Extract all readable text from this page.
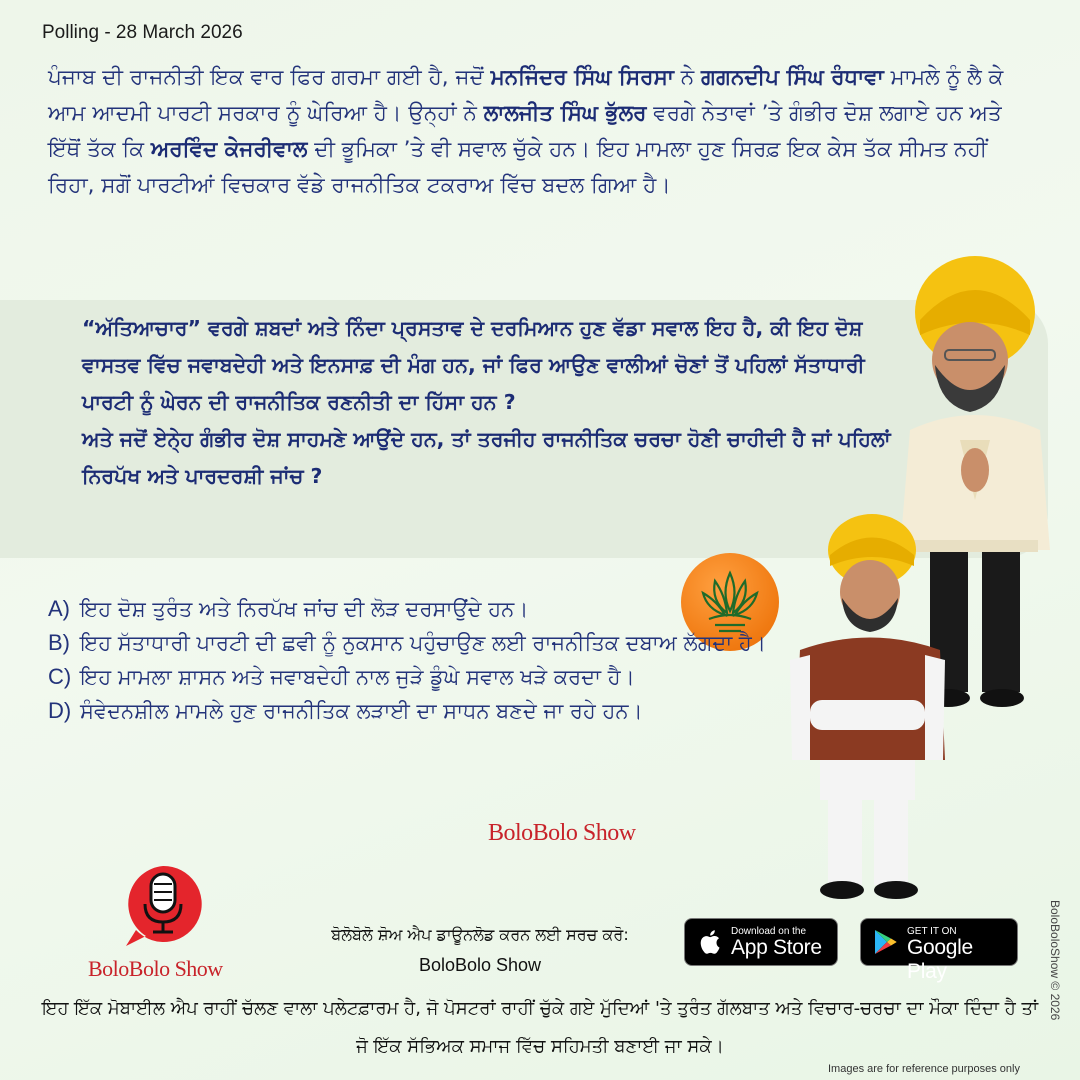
Polling - 28 March 2026
ਪੰਜਾਬ ਦੀ ਰਾਜਨੀਤੀ ਇਕ ਵਾਰ ਫਿਰ ਗਰਮਾ ਗਈ ਹੈ, ਜਦੋਂ ਮਨਜਿੰਦਰ ਸਿੰਘ ਸਿਰਸਾ ਨੇ ਗਗਨਦੀਪ ਸਿੰਘ ਰੰਧਾਵਾ ਮਾਮਲੇ ਨੂੰ ਲੈ ਕੇ ਆਮ ਆਦਮੀ ਪਾਰਟੀ ਸਰਕਾਰ ਨੂੰ ਘੇਰਿਆ ਹੈ। ਉਨ੍ਹਾਂ ਨੇ ਲਾਲਜੀਤ ਸਿੰਘ ਭੁੱਲਰ ਵਰਗੇ ਨੇਤਾਵਾਂ ’ਤੇ ਗੰਭੀਰ ਦੋਸ਼ ਲਗਾਏ ਹਨ ਅਤੇ ਇੱਥੋਂ ਤੱਕ ਕਿ ਅਰਵਿੰਦ ਕੇਜਰੀਵਾਲ ਦੀ ਭੂਮਿਕਾ ’ਤੇ ਵੀ ਸਵਾਲ ਚੁੱਕੇ ਹਨ। ਇਹ ਮਾਮਲਾ ਹੁਣ ਸਿਰਫ਼ ਇਕ ਕੇਸ ਤੱਕ ਸੀਮਤ ਨਹੀਂ ਰਿਹਾ, ਸਗੋਂ ਪਾਰਟੀਆਂ ਵਿਚਕਾਰ ਵੱਡੇ ਰਾਜਨੀਤਿਕ ਟਕਰਾਅ ਵਿੱਚ ਬਦਲ ਗਿਆ ਹੈ।

“ਅੱਤਿਆਚਾਰ” ਵਰਗੇ ਸ਼ਬਦਾਂ ਅਤੇ ਨਿੰਦਾ ਪ੍ਰਸਤਾਵ ਦੇ ਦਰਮਿਆਨ ਹੁਣ ਵੱਡਾ ਸਵਾਲ ਇਹ ਹੈ, ਕੀ ਇਹ ਦੋਸ਼ ਵਾਸਤਵ ਵਿੱਚ ਜਵਾਬਦੇਹੀ ਅਤੇ ਇਨਸਾਫ਼ ਦੀ ਮੰਗ ਹਨ, ਜਾਂ ਫਿਰ ਆਉਣ ਵਾਲੀਆਂ ਚੋਣਾਂ ਤੋਂ ਪਹਿਲਾਂ ਸੱਤਾਧਾਰੀ ਪਾਰਟੀ ਨੂੰ ਘੇਰਨ ਦੀ ਰਾਜਨੀਤਿਕ ਰਣਨੀਤੀ ਦਾ ਹਿੱਸਾ ਹਨ ?

ਅਤੇ ਜਦੋਂ ਏਨੇ੍ਹ ਗੰਭੀਰ ਦੋਸ਼ ਸਾਹਮਣੇ ਆਉਂਦੇ ਹਨ, ਤਾਂ ਤਰਜੀਹ ਰਾਜਨੀਤਿਕ ਚਰਚਾ ਹੋਣੀ ਚਾਹੀਦੀ ਹੈ ਜਾਂ ਪਹਿਲਾਂ ਨਿਰਪੱਖ ਅਤੇ ਪਾਰਦਰਸ਼ੀ ਜਾਂਚ ?

A) ਇਹ ਦੋਸ਼ ਤੁਰੰਤ ਅਤੇ ਨਿਰਪੱਖ ਜਾਂਚ ਦੀ ਲੋੜ ਦਰਸਾਉਂਦੇ ਹਨ।
B) ਇਹ ਸੱਤਾਧਾਰੀ ਪਾਰਟੀ ਦੀ ਛਵੀ ਨੂੰ ਨੁਕਸਾਨ ਪਹੁੰਚਾਉਣ ਲਈ ਰਾਜਨੀਤਿਕ ਦਬਾਅ ਲੱਗਦਾ ਹੈ।
C) ਇਹ ਮਾਮਲਾ ਸ਼ਾਸਨ ਅਤੇ ਜਵਾਬਦੇਹੀ ਨਾਲ ਜੁੜੇ ਡੂੰਘੇ ਸਵਾਲ ਖੜੇ ਕਰਦਾ ਹੈ।
D) ਸੰਵੇਦਨਸ਼ੀਲ ਮਾਮਲੇ ਹੁਣ ਰਾਜਨੀਤਿਕ ਲੜਾਈ ਦਾ ਸਾਧਨ ਬਣਦੇ ਜਾ ਰਹੇ ਹਨ।
BoloBolo Show
BoloBolo Show
ਬੋਲੋਬੋਲੋ ਸ਼ੋਅ ਐਪ ਡਾਊਨਲੋਡ ਕਰਨ ਲਈ ਸਰਚ ਕਰੋ:
BoloBolo Show
Download on the
App Store
GET IT ON
Google Play
ਇਹ ਇੱਕ ਮੋਬਾਈਲ ਐਪ ਰਾਹੀਂ ਚੱਲਣ ਵਾਲਾ ਪਲੇਟਫ਼ਾਰਮ ਹੈ, ਜੋ ਪੋਸਟਰਾਂ ਰਾਹੀਂ ਚੁੱਕੇ ਗਏ ਮੁੱਦਿਆਂ 'ਤੇ ਤੁਰੰਤ ਗੱਲਬਾਤ ਅਤੇ ਵਿਚਾਰ-ਚਰਚਾ ਦਾ ਮੌਕਾ ਦਿੰਦਾ ਹੈ ਤਾਂ ਜੋ ਇੱਕ ਸੱਭਿਅਕ ਸਮਾਜ ਵਿੱਚ ਸਹਿਮਤੀ ਬਣਾਈ ਜਾ ਸਕੇ।
BoloBoloShow © 2026
Images are for reference purposes only
